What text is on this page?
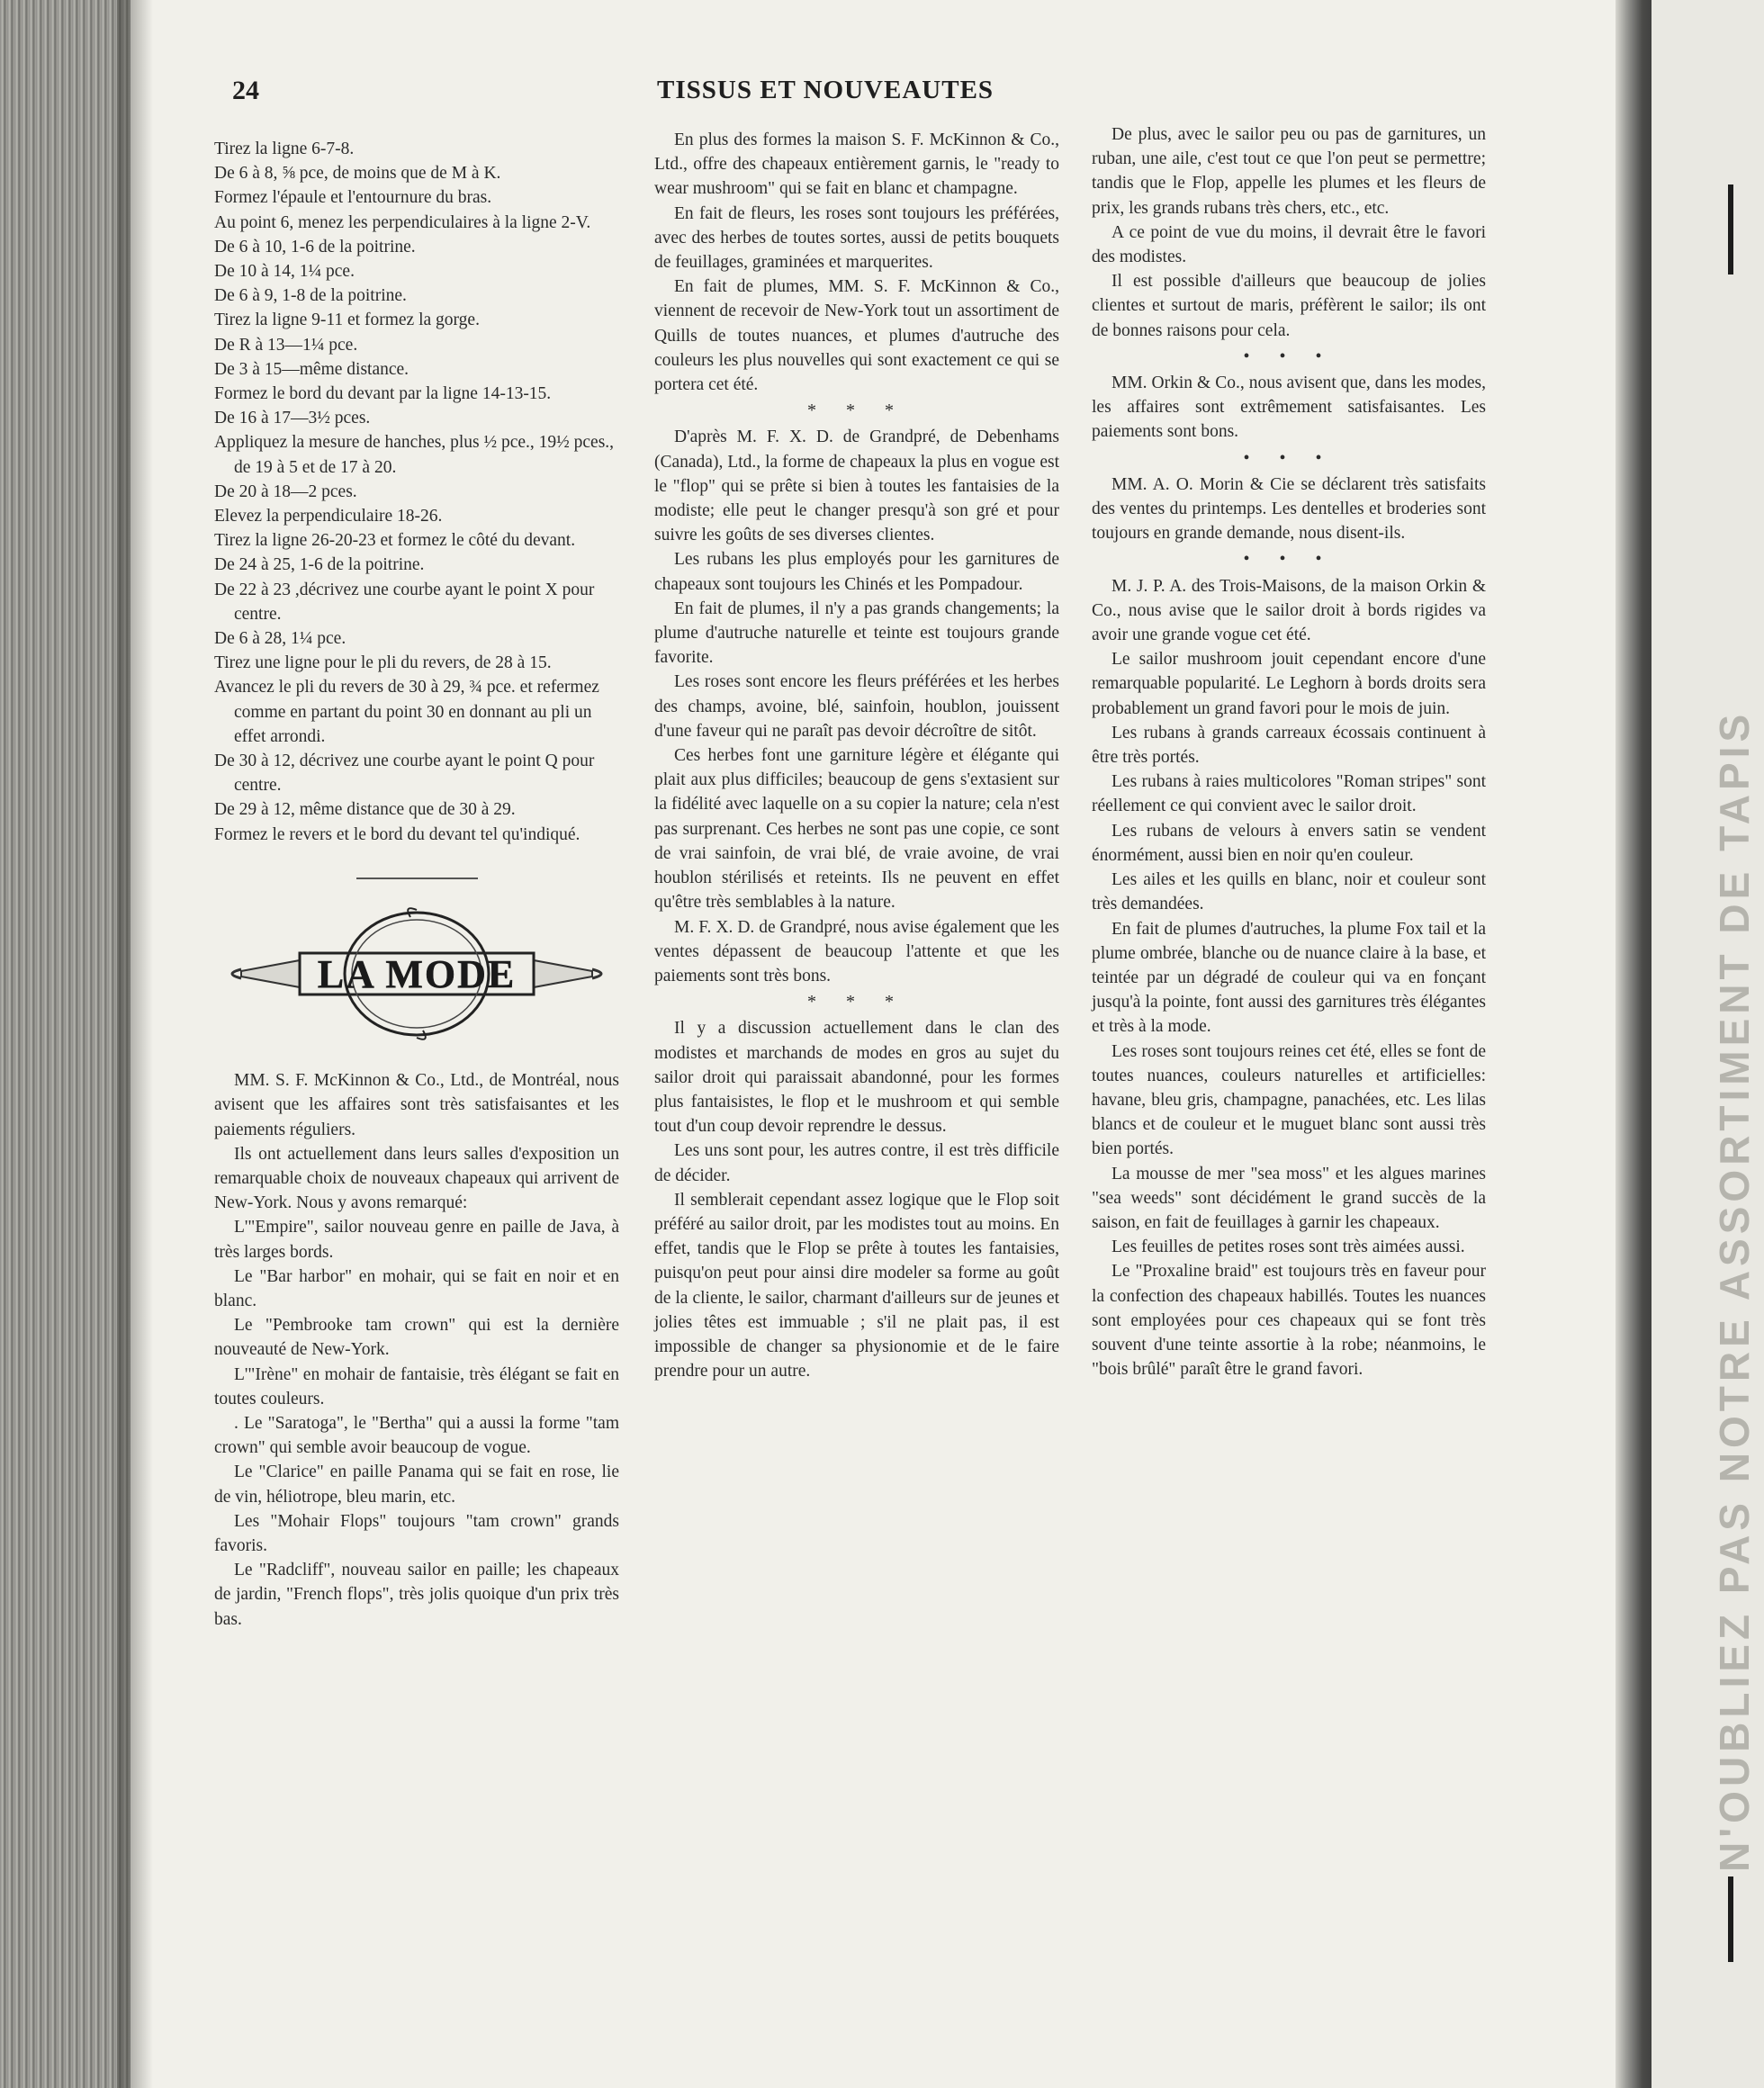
N'OUBLIEZ PAS NOTRE ASSORTIMENT DE TAPIS
24	TISSUS ET NOUVEAUTES

Tirez la ligne 6-7-8.

De 6 à 8, ⅝ pce, de moins que de M à K.

Formez l'épaule et l'entournure du bras.

Au point 6, menez les perpendiculaires à la ligne 2-V.

De 6 à 10, 1-6 de la poitrine.

De 10 à 14, 1¼ pce.

De 6 à 9, 1-8 de la poitrine.

Tirez la ligne 9-11 et formez la gorge.

De R à 13—1¼ pce.

De 3 à 15—même distance.

Formez le bord du devant par la ligne 14-13-15.

De 16 à 17—3½ pces.

Appliquez la mesure de hanches, plus ½ pce., 19½ pces., de 19 à 5 et de 17 à 20.

De 20 à 18—2 pces.

Elevez la perpendiculaire 18-26.

Tirez la ligne 26-20-23 et formez le côté du devant.

De 24 à 25, 1-6 de la poitrine.

De 22 à 23 ,décrivez une courbe ayant le point X pour centre.

De 6 à 28, 1¼ pce.

Tirez une ligne pour le pli du revers, de 28 à 15.

Avancez le pli du revers de 30 à 29, ¾ pce. et refermez comme en partant du point 30 en donnant au pli un effet arrondi.

De 30 à 12, décrivez une courbe ayant le point Q pour centre.

De 29 à 12, même distance que de 30 à 29.

Formez le revers et le bord du devant tel qu'indiqué.

LA MODE

MM. S. F. McKinnon & Co., Ltd., de Montréal, nous avisent que les affaires sont très satisfaisantes et les paiements réguliers.

Ils ont actuellement dans leurs salles d'exposition un remarquable choix de nouveaux chapeaux qui arrivent de New-York. Nous y avons remarqué:

L'"Empire", sailor nouveau genre en paille de Java, à très larges bords.

Le "Bar harbor" en mohair, qui se fait en noir et en blanc.

Le "Pembrooke tam crown" qui est la dernière nouveauté de New-York.

L'"Irène" en mohair de fantaisie, très élégant se fait en toutes couleurs.

. Le "Saratoga", le "Bertha" qui a aussi la forme "tam crown" qui semble avoir beaucoup de vogue.

Le "Clarice" en paille Panama qui se fait en rose, lie de vin, héliotrope, bleu marin, etc.

Les "Mohair Flops" toujours "tam crown" grands favoris.

Le "Radcliff", nouveau sailor en paille; les chapeaux de jardin, "French flops", très jolis quoique d'un prix très bas.

En plus des formes la maison S. F. McKinnon & Co., Ltd., offre des chapeaux entièrement garnis, le "ready to wear mushroom" qui se fait en blanc et champagne.

En fait de fleurs, les roses sont toujours les préférées, avec des herbes de toutes sortes, aussi de petits bouquets de feuillages, graminées et marquerites.

En fait de plumes, MM. S. F. McKinnon & Co., viennent de recevoir de New-York tout un assortiment de Quills de toutes nuances, et plumes d'autruche des couleurs les plus nouvelles qui sont exactement ce qui se portera cet été.

* * *

D'après M. F. X. D. de Grandpré, de Debenhams (Canada), Ltd., la forme de chapeaux la plus en vogue est le "flop" qui se prête si bien à toutes les fantaisies de la modiste; elle peut le changer presqu'à son gré et pour suivre les goûts de ses diverses clientes.

Les rubans les plus employés pour les garnitures de chapeaux sont toujours les Chinés et les Pompadour.

En fait de plumes, il n'y a pas grands changements; la plume d'autruche naturelle et teinte est toujours grande favorite.

Les roses sont encore les fleurs préférées et les herbes des champs, avoine, blé, sainfoin, houblon, jouissent d'une faveur qui ne paraît pas devoir décroître de sitôt.

Ces herbes font une garniture légère et élégante qui plait aux plus difficiles; beaucoup de gens s'extasient sur la fidélité avec laquelle on a su copier la nature; cela n'est pas surprenant. Ces herbes ne sont pas une copie, ce sont de vrai sainfoin, de vrai blé, de vraie avoine, de vrai houblon stérilisés et reteints. Ils ne peuvent en effet qu'être très semblables à la nature.

M. F. X. D. de Grandpré, nous avise également que les ventes dépassent de beaucoup l'attente et que les paiements sont très bons.

* * *

Il y a discussion actuellement dans le clan des modistes et marchands de modes en gros au sujet du sailor droit qui paraissait abandonné, pour les formes plus fantaisistes, le flop et le mushroom et qui semble tout d'un coup devoir reprendre le dessus.

Les uns sont pour, les autres contre, il est très difficile de décider.

Il semblerait cependant assez logique que le Flop soit préféré au sailor droit, par les modistes tout au moins. En effet, tandis que le Flop se prête à toutes les fantaisies, puisqu'on peut pour ainsi dire modeler sa forme au goût de la cliente, le sailor, charmant d'ailleurs sur de jeunes et jolies têtes est immuable ; s'il ne plait pas, il est impossible de changer sa physionomie et de le faire prendre pour un autre.

De plus, avec le sailor peu ou pas de garnitures, un ruban, une aile, c'est tout ce que l'on peut se permettre; tandis que le Flop, appelle les plumes et les fleurs de prix, les grands rubans très chers, etc., etc.

A ce point de vue du moins, il devrait être le favori des modistes.

Il est possible d'ailleurs que beaucoup de jolies clientes et surtout de maris, préfèrent le sailor; ils ont de bonnes raisons pour cela.

• • •

MM. Orkin & Co., nous avisent que, dans les modes, les affaires sont extrêmement satisfaisantes. Les paiements sont bons.

• • •

MM. A. O. Morin & Cie se déclarent très satisfaits des ventes du printemps. Les dentelles et broderies sont toujours en grande demande, nous disent-ils.

• • •

M. J. P. A. des Trois-Maisons, de la maison Orkin & Co., nous avise que le sailor droit à bords rigides va avoir une grande vogue cet été.

Le sailor mushroom jouit cependant encore d'une remarquable popularité. Le Leghorn à bords droits sera probablement un grand favori pour le mois de juin.

Les rubans à grands carreaux écossais continuent à être très portés.

Les rubans à raies multicolores "Roman stripes" sont réellement ce qui convient avec le sailor droit.

Les rubans de velours à envers satin se vendent énormément, aussi bien en noir qu'en couleur.

Les ailes et les quills en blanc, noir et couleur sont très demandées.

En fait de plumes d'autruches, la plume Fox tail et la plume ombrée, blanche ou de nuance claire à la base, et teintée par un dégradé de couleur qui va en fonçant jusqu'à la pointe, font aussi des garnitures très élégantes et très à la mode.

Les roses sont toujours reines cet été, elles se font de toutes nuances, couleurs naturelles et artificielles: havane, bleu gris, champagne, panachées, etc. Les lilas blancs et de couleur et le muguet blanc sont aussi très bien portés.

La mousse de mer "sea moss" et les algues marines "sea weeds" sont décidément le grand succès de la saison, en fait de feuillages à garnir les chapeaux.

Les feuilles de petites roses sont très aimées aussi.

Le "Proxaline braid" est toujours très en faveur pour la confection des chapeaux habillés. Toutes les nuances sont employées pour ces chapeaux qui se font très souvent d'une teinte assortie à la robe; néanmoins, le "bois brûlé" paraît être le grand favori.
